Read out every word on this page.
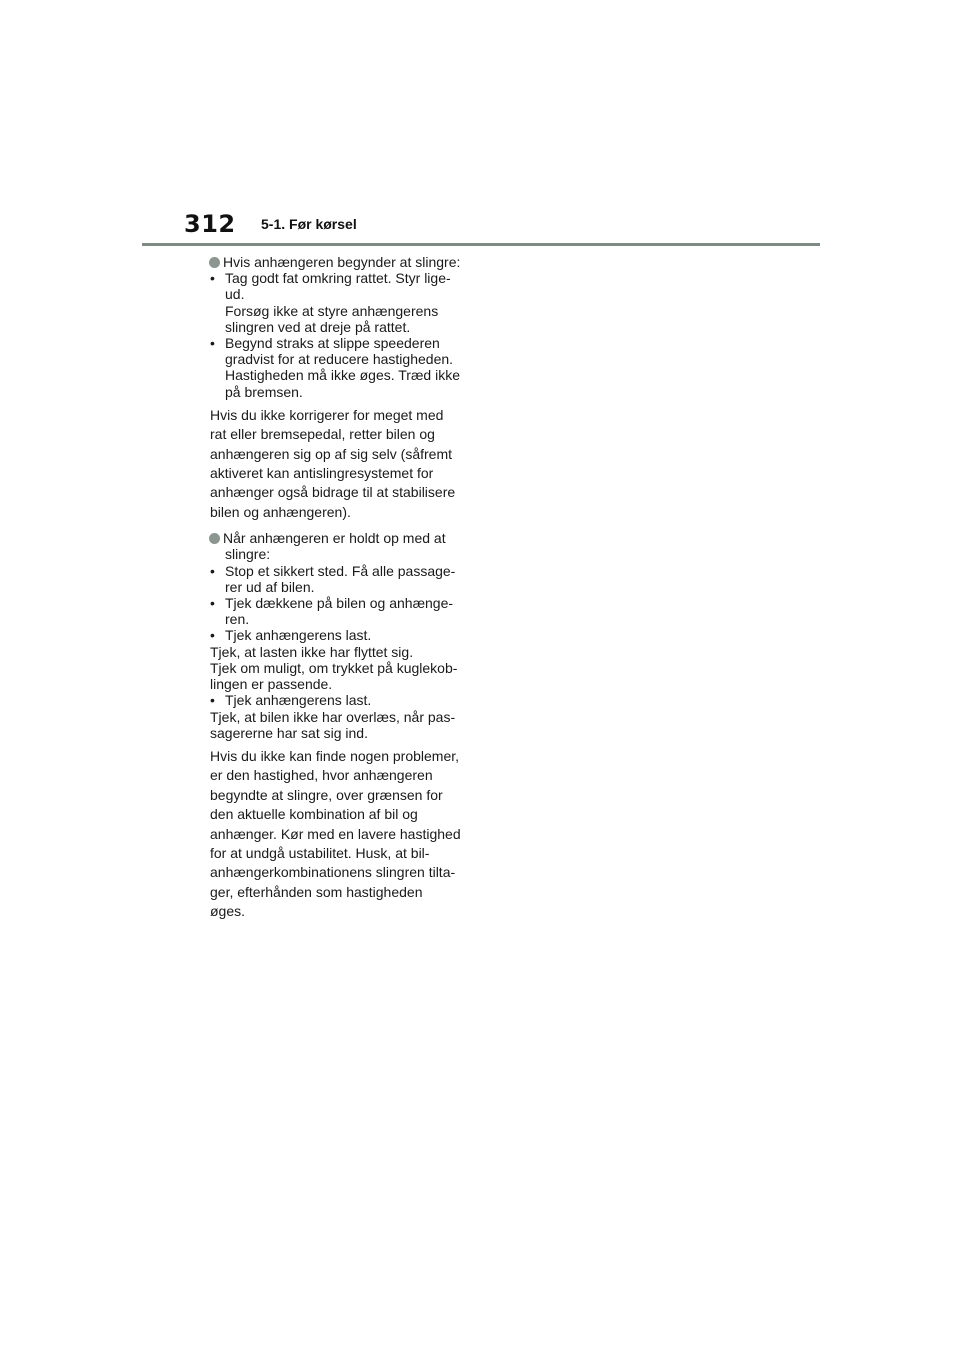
312 5-1. Før kørsel
Hvis anhængeren begynder at slingre:
• Tag godt fat omkring rattet. Styr lige-
ud.
Forsøg ikke at styre anhængerens
slingren ved at dreje på rattet.
• Begynd straks at slippe speederen
gradvist for at reducere hastigheden.
Hastigheden må ikke øges. Træd ikke
på bremsen.
Hvis du ikke korrigerer for meget med
rat eller bremsepedal, retter bilen og
anhængeren sig op af sig selv (såfremt
aktiveret kan antislingresystemet for
anhænger også bidrage til at stabilisere
bilen og anhængeren).
Når anhængeren er holdt op med at
slingre:
• Stop et sikkert sted. Få alle passage-
rer ud af bilen.
• Tjek dækkene på bilen og anhænge-
ren.
• Tjek anhængerens last.
Tjek, at lasten ikke har flyttet sig.
Tjek om muligt, om trykket på kuglekob-
lingen er passende.
• Tjek anhængerens last.
Tjek, at bilen ikke har overlæs, når pas-
sagererne har sat sig ind.
Hvis du ikke kan finde nogen problemer,
er den hastighed, hvor anhængeren
begyndte at slingre, over grænsen for
den aktuelle kombination af bil og
anhænger. Kør med en lavere hastighed
for at undgå ustabilitet. Husk, at bil-
anhængerkombinationens slingren tilta-
ger, efterhånden som hastigheden
øges.
